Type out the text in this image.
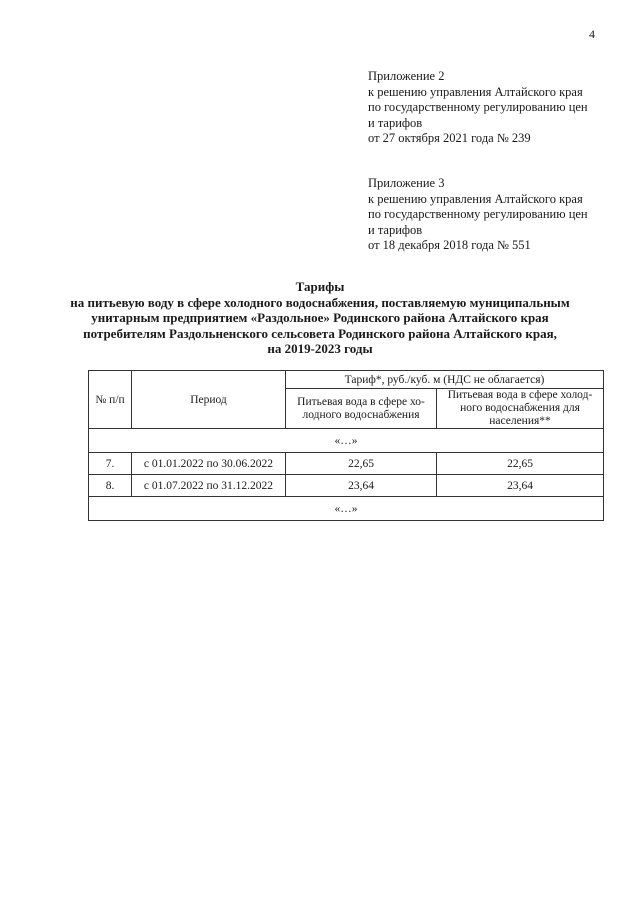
4
Приложение 2
к решению управления Алтайского края
по государственному регулированию цен
и тарифов
от 27 октября 2021 года № 239
Приложение 3
к решению управления Алтайского края
по государственному регулированию цен
и тарифов
от 18 декабря 2018 года № 551
Тарифы
на питьевую воду в сфере холодного водоснабжения, поставляемую муниципальным
унитарным предприятием «Раздольное» Родинского района Алтайского края
потребителям Раздольненского сельсовета Родинского района Алтайского края,
на 2019-2023 годы
№ п/п	Период	Тариф*, руб./куб. м (НДС не облагается)	
		Питьевая вода в сфере хо-лодного водоснабжения	Питьевая вода в сфере холод-ного водоснабжения для населения**
«…»			
7.	с 01.01.2022 по 30.06.2022	22,65	22,65
8.	с 01.07.2022 по 31.12.2022	23,64	23,64
«…»			
